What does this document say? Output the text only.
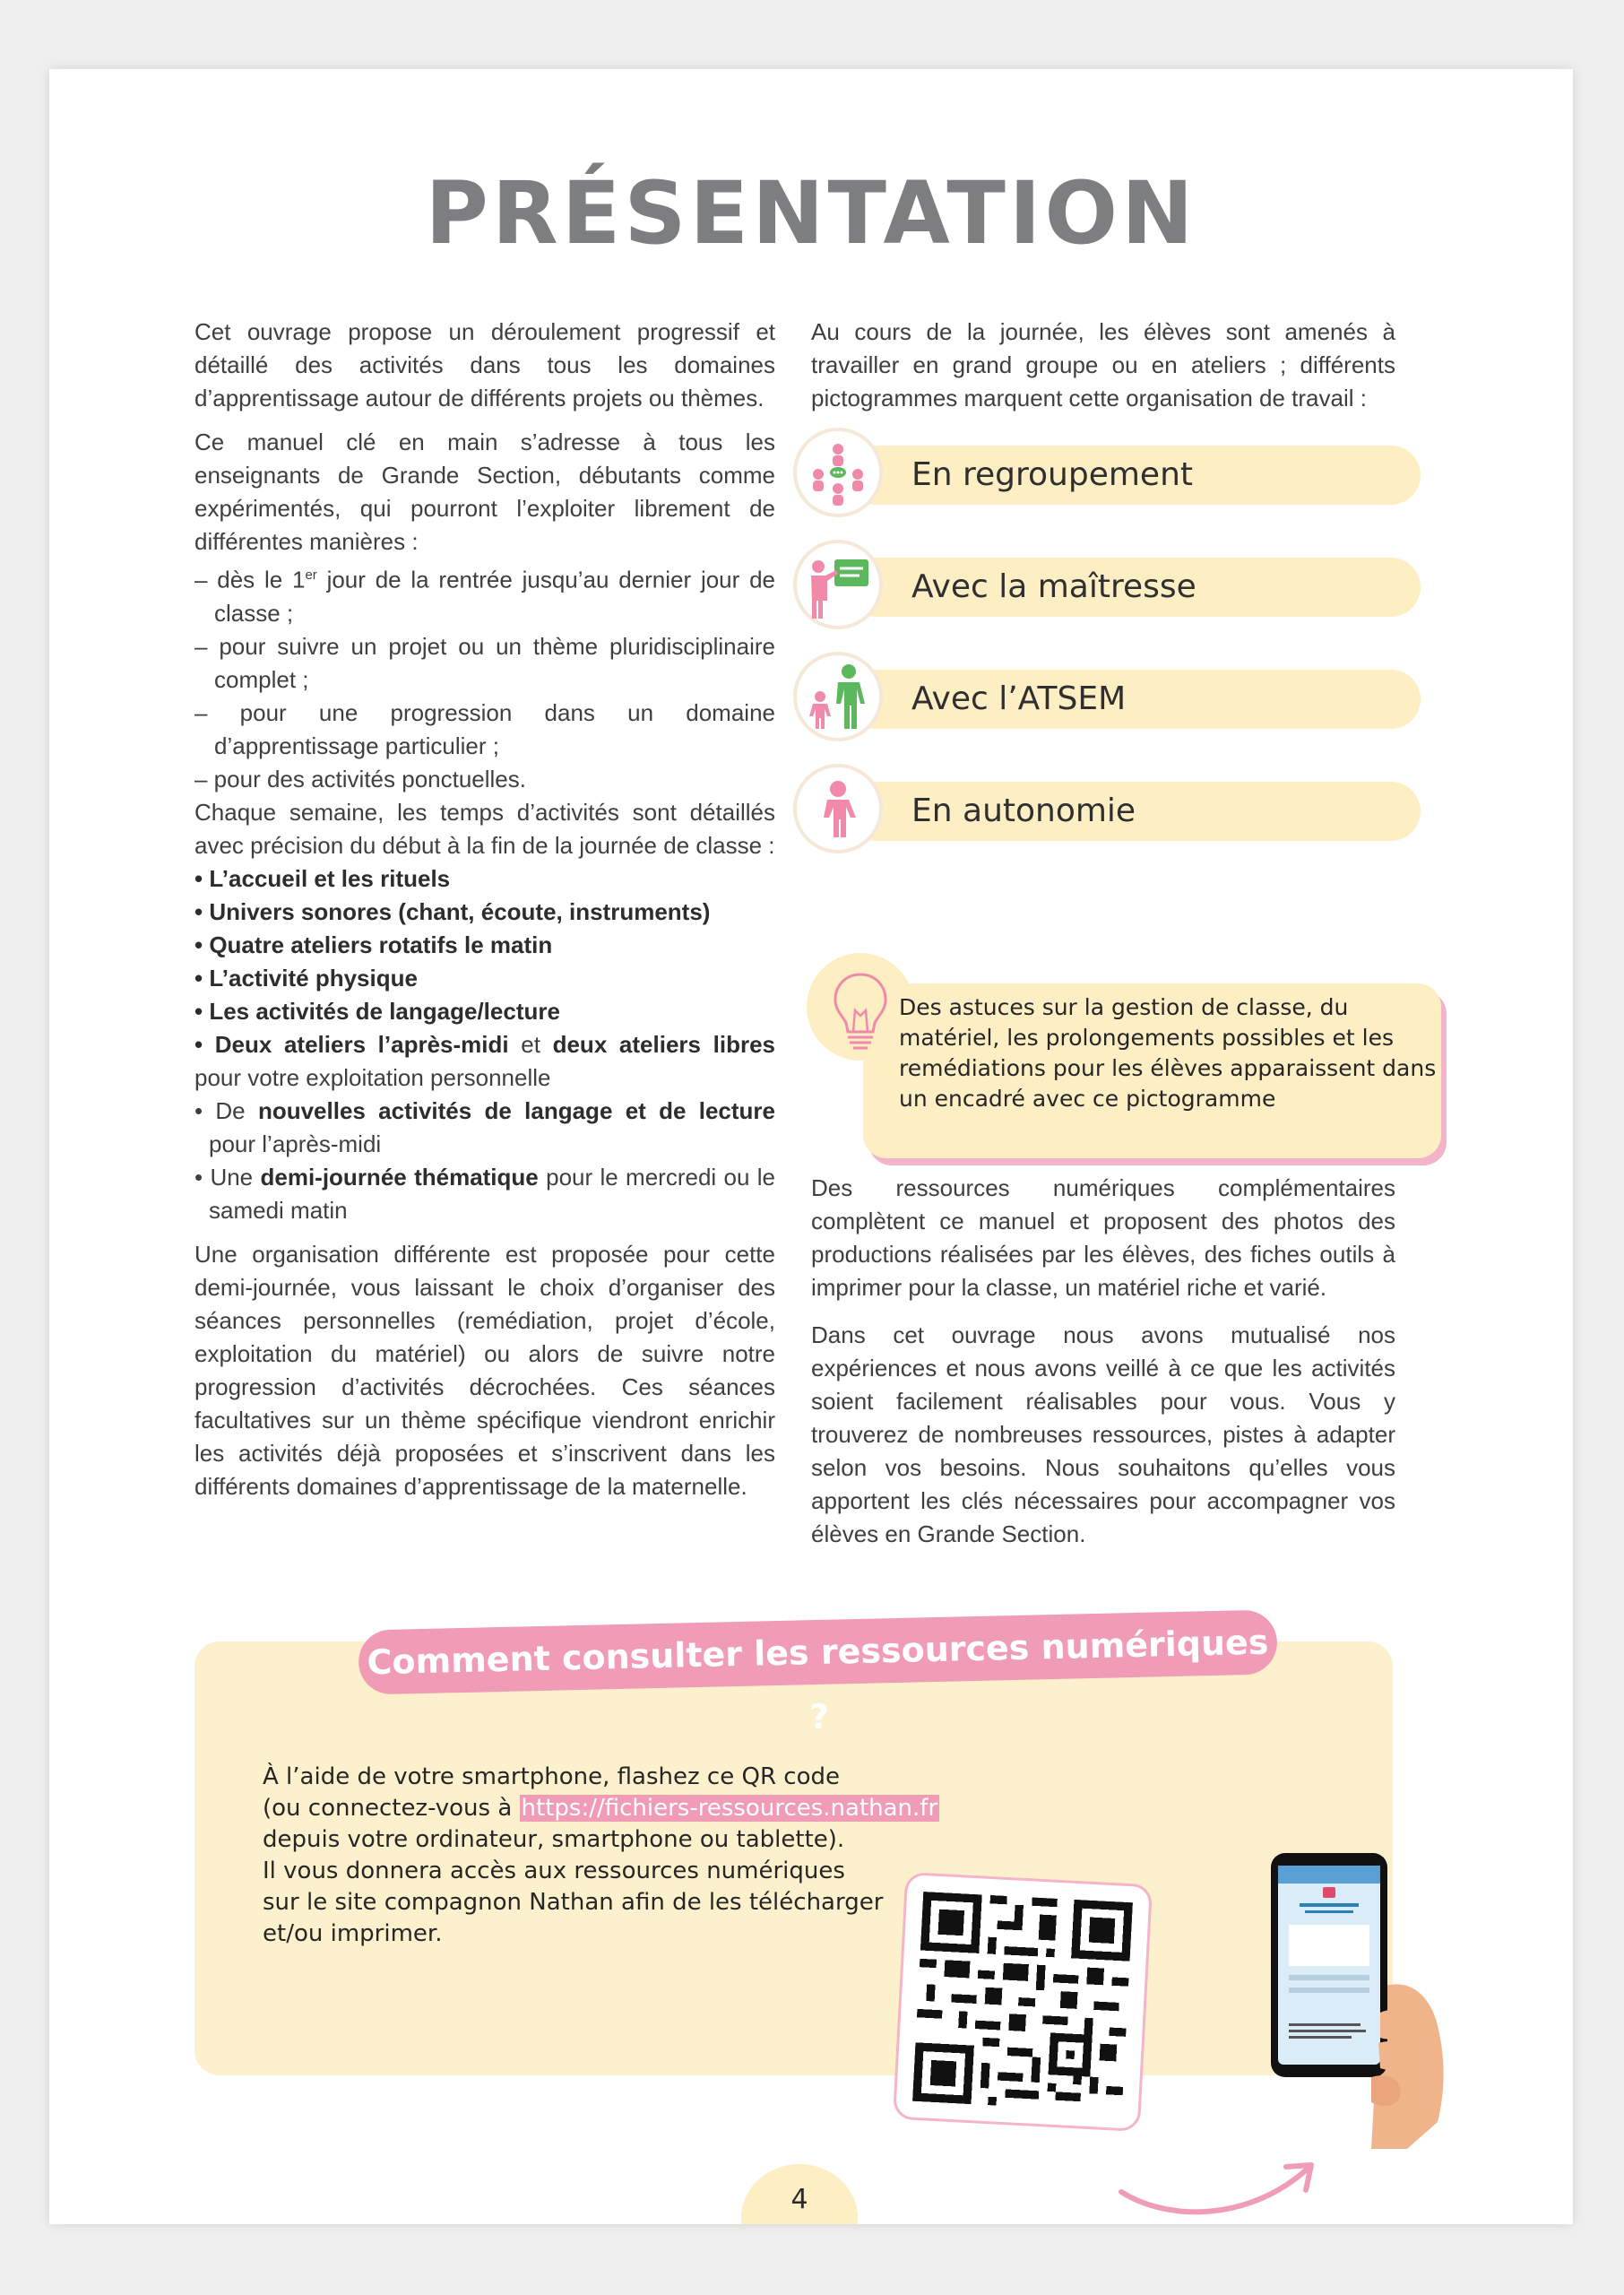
PRÉSENTATION

Cet ouvrage propose un déroulement progressif et détaillé des activités dans tous les domaines d’apprentissage autour de différents projets ou thèmes.

Ce manuel clé en main s’adresse à tous les enseignants de Grande Section, débutants comme expérimentés, qui pourront l’exploiter librement de différentes manières :

– dès le 1er jour de la rentrée jusqu’au dernier jour de classe ;
– pour suivre un projet ou un thème pluridisciplinaire complet ;
– pour une progression dans un domaine d’apprentissage particulier ;
– pour des activités ponctuelles.
Chaque semaine, les temps d’activités sont détaillés avec précision du début à la fin de la journée de classe :
• L’accueil et les rituels
• Univers sonores (chant, écoute, instruments)
• Quatre ateliers rotatifs le matin
• L’activité physique
• Les activités de langage/lecture
• Deux ateliers l’après-midi et deux ateliers libres pour votre exploitation personnelle
• De nouvelles activités de langage et de lecture pour l’après-midi
• Une demi-journée thématique pour le mercredi ou le samedi matin

Une organisation différente est proposée pour cette demi-journée, vous laissant le choix d’organiser des séances personnelles (remédiation, projet d’école, exploitation du matériel) ou alors de suivre notre progression d’activités décrochées. Ces séances facultatives sur un thème spécifique viendront enrichir les activités déjà proposées et s’inscrivent dans les différents domaines d’apprentissage de la maternelle.

Au cours de la journée, les élèves sont amenés à travailler en grand groupe ou en ateliers ; différents pictogrammes marquent cette organisation de travail :

En regroupement
Avec la maîtresse
Avec l’ATSEM
En autonomie
Des astuces sur la gestion de classe, du matériel, les prolongements possibles et les remédiations pour les élèves apparaissent dans un encadré avec ce pictogramme

Des ressources numériques complémentaires complètent ce manuel et proposent des photos des productions réalisées par les élèves, des fiches outils à imprimer pour la classe, un matériel riche et varié.

Dans cet ouvrage nous avons mutualisé nos expériences et nous avons veillé à ce que les activités soient facilement réalisables pour vous. Vous y trouverez de nombreuses ressources, pistes à adapter selon vos besoins. Nous souhaitons qu’elles vous apportent les clés nécessaires pour accompagner vos élèves en Grande Section.

Comment consulter les ressources numériques ?
À l’aide de votre smartphone, flashez ce QR code
(ou connectez-vous à https://fichiers-ressources.nathan.fr
depuis votre ordinateur, smartphone ou tablette).
Il vous donnera accès aux ressources numériques
sur le site compagnon Nathan afin de les télécharger
et/ou imprimer.
4
